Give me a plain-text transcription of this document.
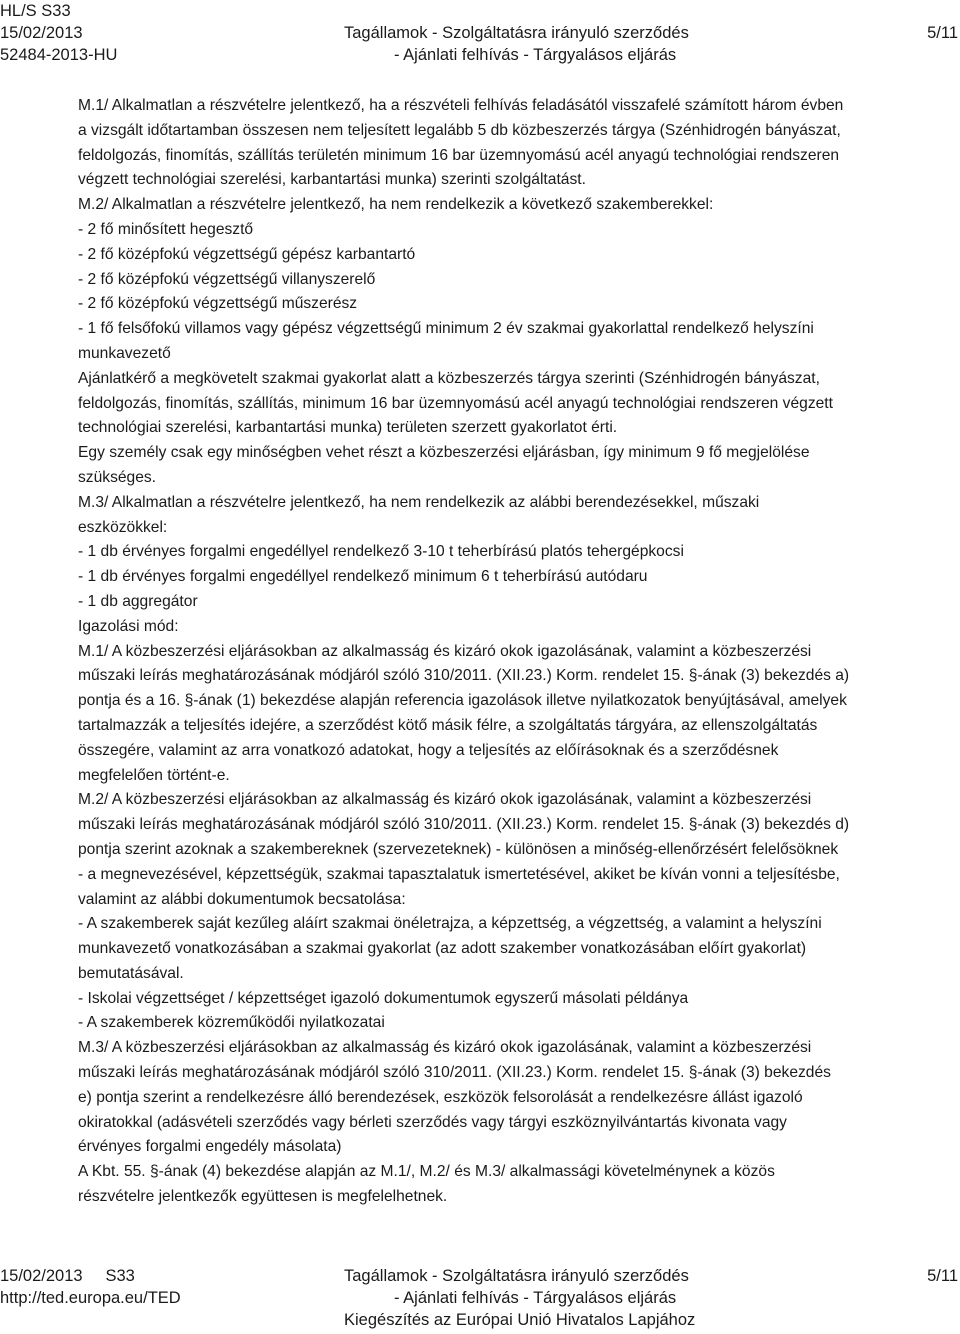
HL/S S33
15/02/2013
52484-2013-HU
Tagállamok - Szolgáltatásra irányuló szerződés
- Ajánlati felhívás - Tárgyalásos eljárás
5/11
M.1/ Alkalmatlan a részvételre jelentkező, ha a részvételi felhívás feladásától visszafelé számított három évben
a vizsgált időtartamban összesen nem teljesített legalább 5 db közbeszerzés tárgya (Szénhidrogén bányászat,
feldolgozás, finomítás, szállítás területén minimum 16 bar üzemnyomású acél anyagú technológiai rendszeren
végzett technológiai szerelési, karbantartási munka) szerinti szolgáltatást.
M.2/ Alkalmatlan a részvételre jelentkező, ha nem rendelkezik a következő szakemberekkel:
- 2 fő minősített hegesztő
- 2 fő középfokú végzettségű gépész karbantartó
- 2 fő középfokú végzettségű villanyszerelő
- 2 fő középfokú végzettségű műszerész
- 1 fő felsőfokú villamos vagy gépész végzettségű minimum 2 év szakmai gyakorlattal rendelkező helyszíni
munkavezető
Ajánlatkérő a megkövetelt szakmai gyakorlat alatt a közbeszerzés tárgya szerinti (Szénhidrogén bányászat,
feldolgozás, finomítás, szállítás, minimum 16 bar üzemnyomású acél anyagú technológiai rendszeren végzett
technológiai szerelési, karbantartási munka) területen szerzett gyakorlatot érti.
Egy személy csak egy minőségben vehet részt a közbeszerzési eljárásban, így minimum 9 fő megjelölése
szükséges.
M.3/ Alkalmatlan a részvételre jelentkező, ha nem rendelkezik az alábbi berendezésekkel, műszaki
eszközökkel:
- 1 db érvényes forgalmi engedéllyel rendelkező 3-10 t teherbírású platós tehergépkocsi
- 1 db érvényes forgalmi engedéllyel rendelkező minimum 6 t teherbírású autódaru
- 1 db aggregátor
Igazolási mód:
M.1/ A közbeszerzési eljárásokban az alkalmasság és kizáró okok igazolásának, valamint a közbeszerzési
műszaki leírás meghatározásának módjáról szóló 310/2011. (XII.23.) Korm. rendelet 15. §-ának (3) bekezdés a)
pontja és a 16. §-ának (1) bekezdése alapján referencia igazolások illetve nyilatkozatok benyújtásával, amelyek
tartalmazzák a teljesítés idejére, a szerződést kötő másik félre, a szolgáltatás tárgyára, az ellenszolgáltatás
összegére, valamint az arra vonatkozó adatokat, hogy a teljesítés az előírásoknak és a szerződésnek
megfelelően történt-e.
M.2/ A közbeszerzési eljárásokban az alkalmasság és kizáró okok igazolásának, valamint a közbeszerzési
műszaki leírás meghatározásának módjáról szóló 310/2011. (XII.23.) Korm. rendelet 15. §-ának (3) bekezdés d)
pontja szerint azoknak a szakembereknek (szervezeteknek) - különösen a minőség-ellenőrzésért felelősöknek
- a megnevezésével, képzettségük, szakmai tapasztalatuk ismertetésével, akiket be kíván vonni a teljesítésbe,
valamint az alábbi dokumentumok becsatolása:
- A szakemberek saját kezűleg aláírt szakmai önéletrajza, a képzettség, a végzettség, a valamint a helyszíni
munkavezető vonatkozásában a szakmai gyakorlat (az adott szakember vonatkozásában előírt gyakorlat)
bemutatásával.
- Iskolai végzettséget / képzettséget igazoló dokumentumok egyszerű másolati példánya
- A szakemberek közreműködői nyilatkozatai
M.3/ A közbeszerzési eljárásokban az alkalmasság és kizáró okok igazolásának, valamint a közbeszerzési
műszaki leírás meghatározásának módjáról szóló 310/2011. (XII.23.) Korm. rendelet 15. §-ának (3) bekezdés
e) pontja szerint a rendelkezésre álló berendezések, eszközök felsorolását a rendelkezésre állást igazoló
okiratokkal (adásvételi szerződés vagy bérleti szerződés vagy tárgyi eszköznyilvántartás kivonata vagy
érvényes forgalmi engedély másolata)
A Kbt. 55. §-ának (4) bekezdése alapján az M.1/, M.2/ és M.3/ alkalmassági követelménynek a közös
részvételre jelentkezők együttesen is megfelelhetnek.
15/02/2013     S33
http://ted.europa.eu/TED
Tagállamok - Szolgáltatásra irányuló szerződés
- Ajánlati felhívás - Tárgyalásos eljárás
Kiegészítés az Európai Unió Hivatalos Lapjához
5/11
